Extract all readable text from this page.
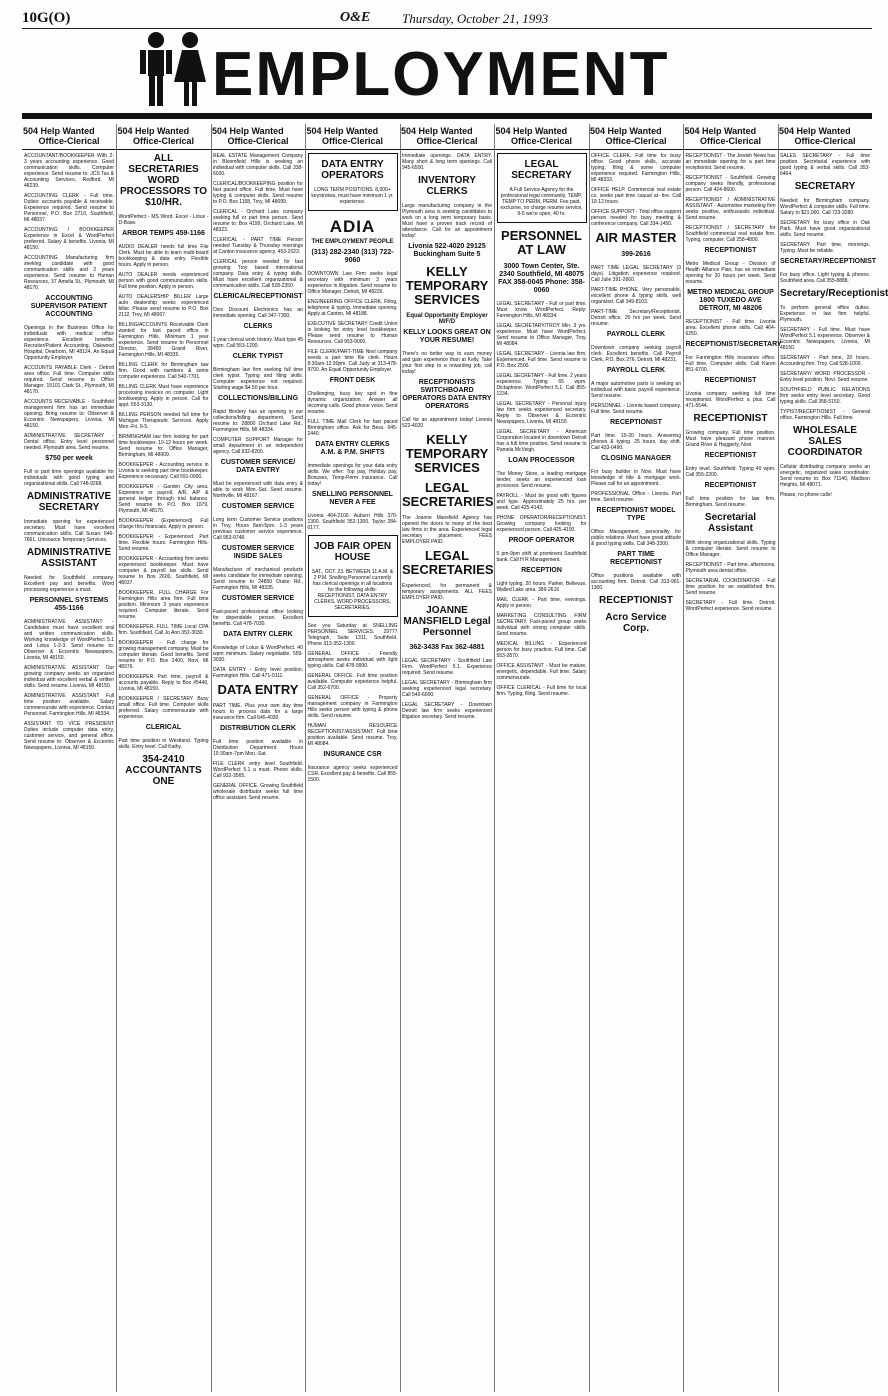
10G(O)	O&E Thursday, October 21, 1993
EMPLOYMENT
504 Help Wanted
Office-Clerical
ACCOUNTANT/BOOKKEEPER With 2-3 years accounting experience. Good communication skills. Computer experience. Send resume to: JCS Tax & Accounting Services, Redford, MI 48239.
ACCOUNTING CLERK - Full time. Duties: accounts payable & receivable. Experience required. Send resume to Personnel, P.O. Box 2710, Southfield, MI 48037.
ACCOUNTING / BOOKKEEPER Experience in Excel & WordPerfect preferred. Salary & benefits. Livonia, MI 48150.
ACCOUNTING Manufacturing firm seeking candidate with good communication skills and 2 years experience. Send resume to Human Resources, 37 Amelia St., Plymouth, MI 48170.
ACCOUNTING SUPERVISOR PATIENT ACCOUNTING
Openings in the Business Office for individuals with medical office experience. Excellent benefits. Recruiter/Patient Accounting, Oakwood Hospital, Dearborn, MI 48124. An Equal Opportunity Employer.
ACCOUNTS PAYABLE Clerk - Detroit area office. Full time. Computer skills required. Send resume to Office Manager, 15101 Clark St., Plymouth, MI 48170.
ACCOUNTS RECEIVABLE - Southfield management firm has an immediate opening. Bring resume to: Observer & Eccentric Newspapers, Livonia, MI 48150.
ADMINISTRATIVE SECRETARY - Dental office. Entry level personnel needed. Plymouth area. Send resume.
$750 per week
Full or part time openings available for individuals with good typing and organizational skills. Call 748-9268.
ADMINISTRATIVE SECRETARY
Immediate opening for experienced secretary. Must have excellent communication skills. Call Susan. 646-7661. Unisource Temporary Services.
ADMINISTRATIVE ASSISTANT
Needed for Southfield company. Excellent pay and benefits. Word processing experience a must.
PERSONNEL SYSTEMS 455-1166
ADMINISTRATIVE ASSISTANT - Candidates must have excellent oral and written communication skills. Working knowledge of WordPerfect 5.1 and Lotus 1-2-3. Send resume to: Observer & Eccentric Newspapers, Livonia, MI 48150.
ADMINISTRATIVE ASSISTANT Our growing company seeks an organized individual with excellent verbal & written skills. Send resume. Livonia, MI 48150.
ADMINISTRATIVE ASSISTANT Full time position available. Salary commensurate with experience. Contact Personnel. Farmington Hills, MI 48334.
ASSISTANT TO VICE PRESIDENT Duties include computer data entry, customer service, and general office. Send resume to: Observer & Eccentric Newspapers, Livonia, MI 48150.
504 Help Wanted
Office-Clerical
ALL SECRETARIES WORD PROCESSORS TO $10/HR.
WordPerfect - MS Word. Excel - Lotus - D-Base.
ARBOR TEMPS 459-1166
AUDIO DEALER needs full time File Clerk. Must be able to learn multi-board bookkeeping & data entry. Flexible hours. Apply in person.
AUTO DEALER needs experienced person with good communication skills. Full time position. Apply in person.
AUTO DEALERSHIP BILLER Large auto dealership seeks experienced biller. Please send resume to P.O. Box 2112, Troy, MI 48007.
BILLING/ACCOUNTS Receivable Clerk wanted for fast paced office in Farmington Hills. Minimum 1 year experience. Send resume to Personnel Director, 38450 Grand River, Farmington Hills, MI 48335.
BILLING CLERK for Birmingham law firm. Good with numbers & some computer experience. Call 540-7701.
BILLING CLERK Must have experience processing invoices on computer. Light bookkeeping. Apply in person. Call for appt. 553-3130.
BILLING PERSON needed full time for Michigan Therapeutic Services. Apply Mon.-Fri. 9-5.
BIRMINGHAM law firm looking for part time bookkeeper. 10-12 hours per week. Send resume to: Office Manager, Birmingham, MI 48009.
BOOKKEEPER - Accounting service in Livonia is seeking part time bookkeeper. Experience necessary. Call 591-0900.
BOOKKEEPER - Garden City area. Experience in payroll, A/R, A/P & general ledger through trial balance. Send resume to P.O. Box 1079, Plymouth, MI 48170.
BOOKKEEPER (Experienced) Full charge thru financials. Apply in person.
BOOKKEEPER - Experienced. Part time. Flexible hours. Farmington Hills. Send resume.
BOOKKEEPER - Accounting firm seeks experienced bookkeeper. Must have computer & payroll tax skills. Send resume to Box 2600, Southfield, MI 48037.
BOOKKEEPER, FULL CHARGE For Farmington Hills area firm. Full time position. Minimum 3 years experience required. Computer literate. Send resume.
BOOKKEEPER, FULL TIME Local CPA firm. Southfield. Call Jo Ann 352-3030.
BOOKKEEPER - Full charge for growing management company. Must be computer literate. Good benefits. Send resume to P.O. Box 2400, Novi, MI 48376.
BOOKKEEPER Part time, payroll & accounts payable. Reply to Box #5446, Livonia, MI 48150.
BOOKKEEPER / SECRETARY Busy small office. Full time. Computer skills preferred. Salary commensurate with experience.
CLERICAL
Part time position in Westland. Typing skills. Entry level. Call Kathy.
354-2410 ACCOUNTANTS ONE
504 Help Wanted
Office-Clerical
REAL ESTATE Management Company in Bloomfield Hills is seeking an individual with computer skills. Call 338-6030.
CLERICAL/BOOKKEEPING position for fast paced office. Full time. Must have typing & computer skills. Send resume to P.O. Box 1158, Troy, MI 48099.
CLERICAL - Orchard Lake company seeking full or part time person. Send resume to: Box 4199, Orchard Lake, MI 48323.
CLERICAL - PART TIME Person needed Tuesday & Thursday mornings at Canton insurance agency. 453-2023.
CLERICAL person needed for fast growing Troy based international company. Data entry & typing skills. Must have excellent organizational & communication skills. Call 528-2350.
CLERICAL/RECEPTIONIST
Oxis Discount Electronics has an immediate opening. Call 347-7300.
CLERKS
1 year clerical work history. Must type 45 wpm. Call 553-1200.
CLERK TYPIST
Birmingham law firm seeking full time clerk typist. Typing and filing skills. Computer experience not required. Starting wage $4.50 per hour.
COLLECTIONS/BILLING
Rapid Bindery has an opening in our collections/billing department. Send resume to: 28800 Orchard Lake Rd., Farmington Hills, MI 48334.
COMPUTER SUPPORT Manager for small department in an independent agency. Call 932-8200.
CUSTOMER SERVICE/ DATA ENTRY
Must be experienced with data entry & able to work Mon.-Sat. Send resume. Northville, MI 48167.
CUSTOMER SERVICE
Long term Customer Service positions in Troy. Hours 8am-5pm. 1-3 years previous customer service experience. Call 953-9748.
CUSTOMER SERVICE INSIDE SALES
Manufacturer of mechanical products seeks candidate for immediate opening. Send resume to 24850 Drake Rd., Farmington Hills, MI 48335.
CUSTOMER SERVICE
Fast-paced professional office looking for dependable person. Excellent benefits. Call 478-7030.
DATA ENTRY CLERK
Knowledge of Lotus & WordPerfect. 40 wpm minimum. Salary negotiable. 559-3030.
DATA ENTRY - Entry level position. Farmington Hills. Call 471-0111.
DATA ENTRY
PART TIME. Plus your own day time hours to process data for a large insurance firm. Call 645-4030.
DISTRIBUTION CLERK
Full time position available in Distribution Department. Hours 10:30am-7pm Mon.-Sat.
FILE CLERK entry level Southfield. WordPerfect 5.1 a must. Phone skills. Call 932-3565.
GENERAL OFFICE. Growing Southfield wholesale distributor seeks full time office assistant. Send resume.
504 Help Wanted
Office-Clerical
DATA ENTRY OPERATORS
LONG TERM POSITIONS. 8,000+ keystrokes, must have minimum 1 yr. experience.
ADIA
THE EMPLOYMENT PEOPLE
(313) 282-2340 (313) 722-9060
DOWNTOWN Law Firm seeks legal secretary with minimum 3 years experience in litigation. Send resume to: Office Manager, Detroit, MI 48226.
ENGINEERING OFFICE CLERK. Filing, telephone & typing. Immediate opening. Apply at Canton, MI 48188.
EXECUTIVE SECRETARY Credit Union is looking for entry level bookkeeper. Please send resume to Human Resources. Call 953-9000.
FILE CLERK/PART-TIME Novi company needs a part time file clerk. Hours 8:30am-12:30pm. Call Judy at 313-478-9700. An Equal Opportunity Employer.
FRONT DESK
Challenging, busy key spot in fine dynamic organization. Answer all incoming calls. Good phone voice. Send resume.
FULL TIME Mail Clerk for fast paced Birmingham office. Ask for Bess. 645-2440.
DATA ENTRY CLERKS A.M. & P.M. SHIFTS
Immediate openings for your data entry skills. We offer: Top pay, Holiday pay, Bonuses, Temp-Perm insurance. Call today!
SNELLING PERSONNEL NEVER A FEE
Livonia 464-2100. Auburn Hills 370-1300. Southfield 352-1300. Taylor 284-0177.
JOB FAIR OPEN HOUSE
SAT., OCT. 23. BETWEEN 11 A.M. & 2 P.M. Snelling Personnel currently has clerical openings in all locations for the following skills: RECEPTIONIST, DATA ENTRY CLERKS, WORD PROCESSORS, SECRETARIES.
See you Saturday at SNELLING PERSONNEL SERVICES. 29777 Telegraph, Suite 1311, Southfield. Phone 313-352-1300.
GENERAL OFFICE - Friendly atmosphere seeks individual with light typing skills. Call 478-9990.
GENERAL OFFICE. Full time position available. Computer experience helpful. Call 352-6700.
GENERAL OFFICE - Property management company in Farmington Hills seeks person with typing & phone skills. Send resume.
HUMAN RESOURCE RECEPTIONIST/ASSISTANT. Full time position available. Send resume. Troy, MI 48084.
INSURANCE CSR
Insurance agency seeks experienced CSR. Excellent pay & benefits. Call 855-1500.
504 Help Wanted
Office-Clerical
Immediate openings. DATA ENTRY. Many short & long term openings. Call 945-6500.
INVENTORY CLERKS
Large manufacturing company in the Plymouth area is seeking candidates to work on a long term temporary basis. Must have a proven track record of attendance. Call for an appointment today!
Livonia 522-4020 29125 Buckingham Suite 5
KELLY TEMPORARY SERVICES
Equal Opportunity Employer M/F/D
KELLY LOOKS GREAT ON YOUR RESUME!
There's no better way to earn money and gain experience than at Kelly. Take your first step to a rewarding job, call today!
RECEPTIONISTS SWITCHBOARD OPERATORS DATA ENTRY OPERATORS
Call for an appointment today! Livonia 522-4020
KELLY TEMPORARY SERVICES
LEGAL SECRETARIES
The Joanne Mansfield Agency has opened the doors to many of the best law firms in the area. Experienced legal secretary placement. FEES EMPLOYER PAID.
LEGAL SECRETARIES
Experienced, for permanent & temporary assignments. ALL FEES EMPLOYER PAID.
JOANNE MANSFIELD Legal Personnel
362-3438 Fax 362-4881
LEGAL SECRETARY - Southfield Law Firm. WordPerfect 5.1. Experience required. Send resume.
LEGAL SECRETARY - Birmingham firm seeking experienced legal secretary. Call 540-6000.
LEGAL SECRETARY - Downtown Detroit law firm seeks experienced litigation secretary. Send resume.
504 Help Wanted
Office-Clerical
LEGAL SECRETARY
A Full Service Agency for the professional legal community. TEMP, TEMP TO PERM, PERM. Fee paid, exclusive, no charge resume service, 9-5 we're open, 40 hr.
PERSONNEL AT LAW
3000 Town Center, Ste. 2340 Southfield, MI 48075 FAX 358-0045 Phone: 358-0060
LEGAL SECRETARY - Full or part time. Must know WordPerfect. Reply: Farmington Hills, MI 48334.
LEGAL SECRETARY/TROY Min. 3 yrs. experience. Must have WordPerfect. Send resume to Office Manager, Troy, MI 48084.
LEGAL SECRETARY - Livonia law firm. Experienced. Full time. Send resume to P.O. Box 2500.
LEGAL SECRETARY - Full time. 2 years experience. Typing 65 wpm. Dictaphone. WordPerfect 5.1. Call 855-1234.
LEGAL SECRETARY - Personal injury law firm seeks experienced secretary. Reply to Observer & Eccentric Newspapers, Livonia, MI 48150.
LEGAL SECRETARY - American Corporation located in downtown Detroit has a full time position. Send resume to Pamela McVeigh.
LOAN PROCESSOR
The Money Store, a leading mortgage lender, seeks an experienced loan processor. Send resume.
PAYROLL - Must be good with figures and type. Approximately 25 hrs. per week. Call 425-4142.
PHONE OPERATOR/RECEPTIONIST. Growing company looking for experienced person. Call 425-4100.
PROOF OPERATOR
5 pm-9pm shift at prominent Southfield bank. Call H R Management.
RECEPTION
Light typing. 20 hours. Parker, Bellevue, Walled Lake area. 389-2616
MAIL CLERK - Part time, evenings. Apply in person.
MARKETING CONSULTING FIRM SECRETARY. Fast-paced group seeks individual with strong computer skills. Send resume.
MEDICAL BILLING - Experienced person for busy practice. Full time. Call 553-2870.
OFFICE ASSISTANT - Must be mature, energetic, dependable. Full time. Salary commensurate.
OFFICE CLERICAL - Full time for local firm. Typing, filing. Send resume.
504 Help Wanted
Office-Clerical
OFFICE CLERK. Full time for busy office. Good phone skills, accurate typing, filing & some computer experience required. Farmington Hills, MI 48333.
OFFICE HELP. Commercial real estate co. seeks part time casual at- tire. Call 10-12 hours.
OFFICE SUPPORT - Total office support person needed for busy meeting & conference company. Call 334-1450.
AIR MASTER
399-2616
PART TIME LEGAL SECRETARY (3 days). Litigation experience required. Call Julie 391-2660.
PART-TIME PHONE. Very personable, excellent phone & typing skills, well organized. Call 349-8103.
PART-TIME Secretary/Receptionist. Detroit office. 20 hrs per week. Send resume.
PAYROLL CLERK
Downtown company seeking payroll clerk. Excellent benefits. Call Payroll Clerk, P.O. Box 276, Detroit, MI 48231.
PAYROLL CLERK
A major automotive parts is seeking an individual with basic payroll experience. Send resume.
PERSONNEL - Livonia based company. Full time. Send resume.
RECEPTIONIST
Part time. 15-20 hours. Answering phones & typing. 25 hours, day shift. Call 433-0490.
CLOSING MANAGER
For busy builder in Novi. Must have knowledge of title & mortgage work. Please call for an appointment.
PROFESSIONAL Office - Livonia. Part time. Send resume.
RECEPTIONIST MODEL TYPE
Office Management, personality for public relations. Must have great attitude & good typing skills. Call 348-3300.
PART TIME RECEPTIONIST
Office positions available with accounting firm. Detroit. Call 313-961-1300.
RECEPTIONIST
Acro Service Corp.
504 Help Wanted
Office-Clerical
RECEPTIONIST - The Jewish News has an immediate opening for a part time receptionist. Send resume.
RECEPTIONIST - Southfield. Growing company seeks friendly, professional person. Call 424-8600.
RECEPTIONIST / ADMINISTRATIVE ASSISTANT - Automotive marketing firm seeks positive, enthusiastic individual. Send resume.
RECEPTIONIST / SECRETARY for Southfield commercial real estate firm. Typing, computer. Call 258-4800.
RECEPTIONIST
Metro Medical Group - Division of Health Alliance Plan, has an immediate opening for 20 hours per week. Send resume.
METRO MEDICAL GROUP 1800 TUXEDO AVE DETROIT, MI 48206
RECEPTIONIST - Full time. Livonia area. Excellent phone skills. Call 464-6250.
RECEPTIONIST/SECRETARY
For Farmington Hills insurance office. Full time. Computer skills. Call Karen 851-6700.
RECEPTIONIST
Livonia company seeking full time receptionist. WordPerfect a plus. Call 471-5544.
RECEPTIONIST
Growing company. Full time position. Must have pleasant phone manner. Grand River & Haggerty, Novi.
RECEPTIONIST
Entry level. Southfield. Typing 40 wpm. Call 355-2200.
RECEPTIONIST
Full time position for law firm. Birmingham. Send resume.
Secretarial Assistant
With strong organizational skills. Typing & computer literate. Send resume to Office Manager.
RECEPTIONIST - Part time, afternoons. Plymouth area dental office.
SECRETARIAL COORDINATOR - Full time position for an established firm. Send resume.
SECRETARY - Full time. Detroit. WordPerfect experience. Send resume.
504 Help Wanted
Office-Clerical
SALES SECRETARY - Full time position. Secretarial experience with good typing & verbal skills. Call 353-6464.
SECRETARY
Needed for Birmingham company. WordPerfect & computer skills. Full time. Salary to $21,000. Call 723-3280.
SECRETARY for busy office in Oak Park. Must have good organizational skills. Send resume.
SECRETARY. Part time, mornings. Typing. Must be reliable.
SECRETARY/RECEPTIONIST
For busy office. Light typing & phones. Southfield area. Call 355-8888.
Secretary/Receptionist
To perform general office duties. Experience in law firm helpful. Plymouth.
SECRETARY - Full time. Must have WordPerfect 5.1 experience. Observer & Eccentric Newspapers, Livonia, MI 48150.
SECRETARY - Part time, 20 hours. Accounting firm. Troy. Call 528-1000.
SECRETARY/ WORD PROCESSOR - Entry level position. Novi. Send resume.
SOUTHFIELD PUBLIC RELATIONS firm seeks entry level secretary. Good typing skills. Call 358-5150.
TYPIST/RECEPTIONIST - General office. Farmington Hills. Full time.
WHOLESALE SALES COORDINATOR
Cellular distributing company seeks an energetic, organized sales coordinator. Send resume to: Box 71140, Madison Heights, MI 48071.
Please, no phone calls!
